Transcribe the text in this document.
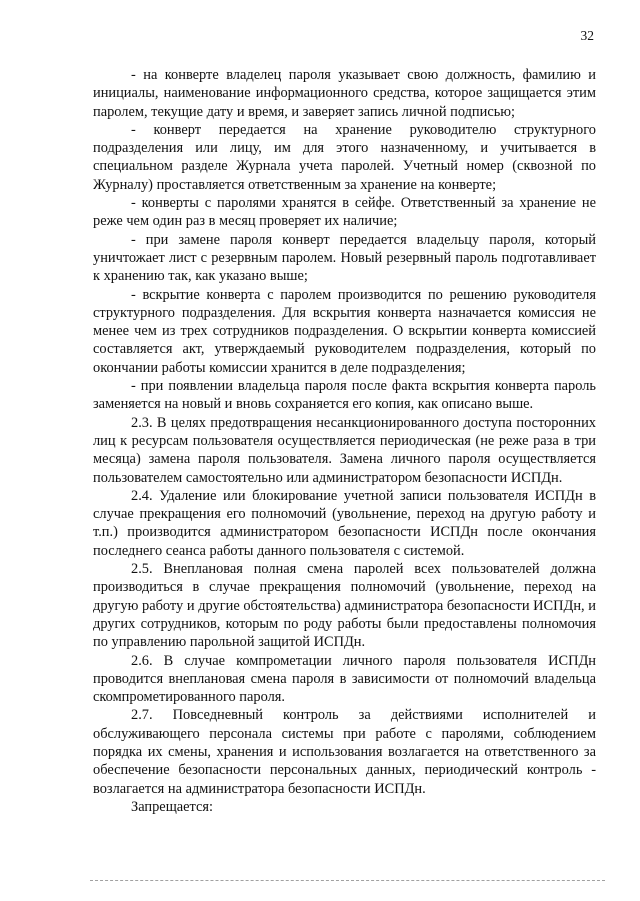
32

- на конверте владелец пароля указывает свою должность, фамилию и инициалы, наименование информационного средства, которое защищается этим паролем, текущие дату и время, и заверяет запись личной подписью;

- конверт передается на хранение руководителю структурного подразделения или лицу, им для этого назначенному, и учитывается в специальном разделе Журнала учета паролей. Учетный номер (сквозной по Журналу) проставляется ответственным за хранение на конверте;

- конверты с паролями хранятся в сейфе. Ответственный за хранение не реже чем один раз в месяц проверяет их наличие;

- при замене пароля конверт передается владельцу пароля, который уничтожает лист с резервным паролем. Новый резервный пароль подготавливает к хранению так, как указано выше;

- вскрытие конверта с паролем производится по решению руководителя структурного подразделения. Для вскрытия конверта назначается комиссия не менее чем из трех сотрудников подразделения. О вскрытии конверта комиссией составляется акт, утверждаемый руководителем подразделения, который по окончании работы комиссии хранится в деле подразделения;

- при появлении владельца пароля после факта вскрытия конверта пароль заменяется на новый и вновь сохраняется его копия, как описано выше.

2.3. В целях предотвращения несанкционированного доступа посторонних лиц к ресурсам пользователя осуществляется периодическая (не реже раза в три месяца) замена пароля пользователя. Замена личного пароля осуществляется пользователем самостоятельно или администратором безопасности ИСПДн.

2.4. Удаление или блокирование учетной записи пользователя ИСПДн в случае прекращения его полномочий (увольнение, переход на другую работу и т.п.) производится администратором безопасности ИСПДн после окончания последнего сеанса работы данного пользователя с системой.

2.5. Внеплановая полная смена паролей всех пользователей должна производиться в случае прекращения полномочий (увольнение, переход на другую работу и другие обстоятельства) администратора безопасности ИСПДн, и других сотрудников, которым по роду работы были предоставлены полномочия по управлению парольной защитой ИСПДн.

2.6. В случае компрометации личного пароля пользователя ИСПДн проводится внеплановая смена пароля в зависимости от полномочий владельца скомпрометированного пароля.

2.7. Повседневный контроль за действиями исполнителей и обслуживающего персонала системы при работе с паролями, соблюдением порядка их смены, хранения и использования возлагается на ответственного за обеспечение безопасности персональных данных, периодический контроль - возлагается на администратора безопасности ИСПДн.

Запрещается:
